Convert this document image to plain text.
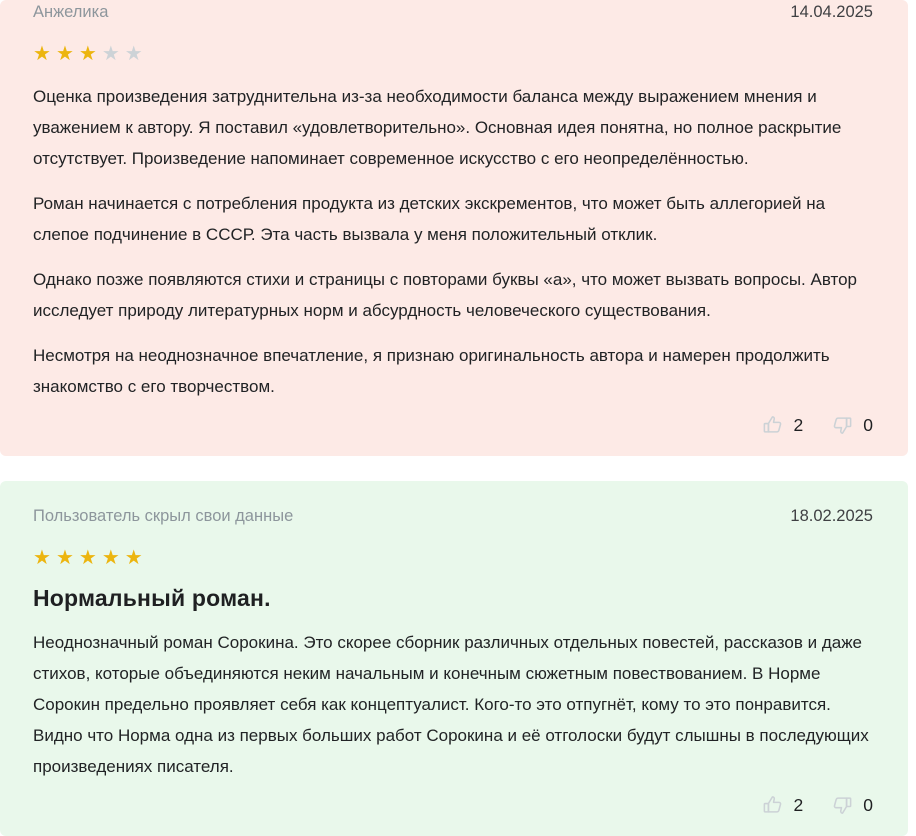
Анжелика	14.04.2025
★ ★ ★ ★ ★

Оценка произведения затруднительна из-за необходимости баланса между выражением мнения и уважением к автору. Я поставил «удовлетворительно». Основная идея понятна, но полное раскрытие отсутствует. Произведение напоминает современное искусство с его неопределённостью.

Роман начинается с потребления продукта из детских экскрементов, что может быть аллегорией на слепое подчинение в СССР. Эта часть вызвала у меня положительный отклик.

Однако позже появляются стихи и страницы с повторами буквы «а», что может вызвать вопросы. Автор исследует природу литературных норм и абсурдность человеческого существования.

Несмотря на неоднозначное впечатление, я признаю оригинальность автора и намерен продолжить знакомство с его творчеством.

2	0
Пользователь скрыл свои данные	18.02.2025
★ ★ ★ ★ ★
Нормальный роман.

Неоднозначный роман Сорокина. Это скорее сборник различных отдельных повестей, рассказов и даже стихов, которые объединяются неким начальным и конечным сюжетным повествованием. В Норме Сорокин предельно проявляет себя как концептуалист. Кого-то это отпугнёт, кому то это понравится. Видно что Норма одна из первых больших работ Сорокина и её отголоски будут слышны в последующих произведениях писателя.

2	0
